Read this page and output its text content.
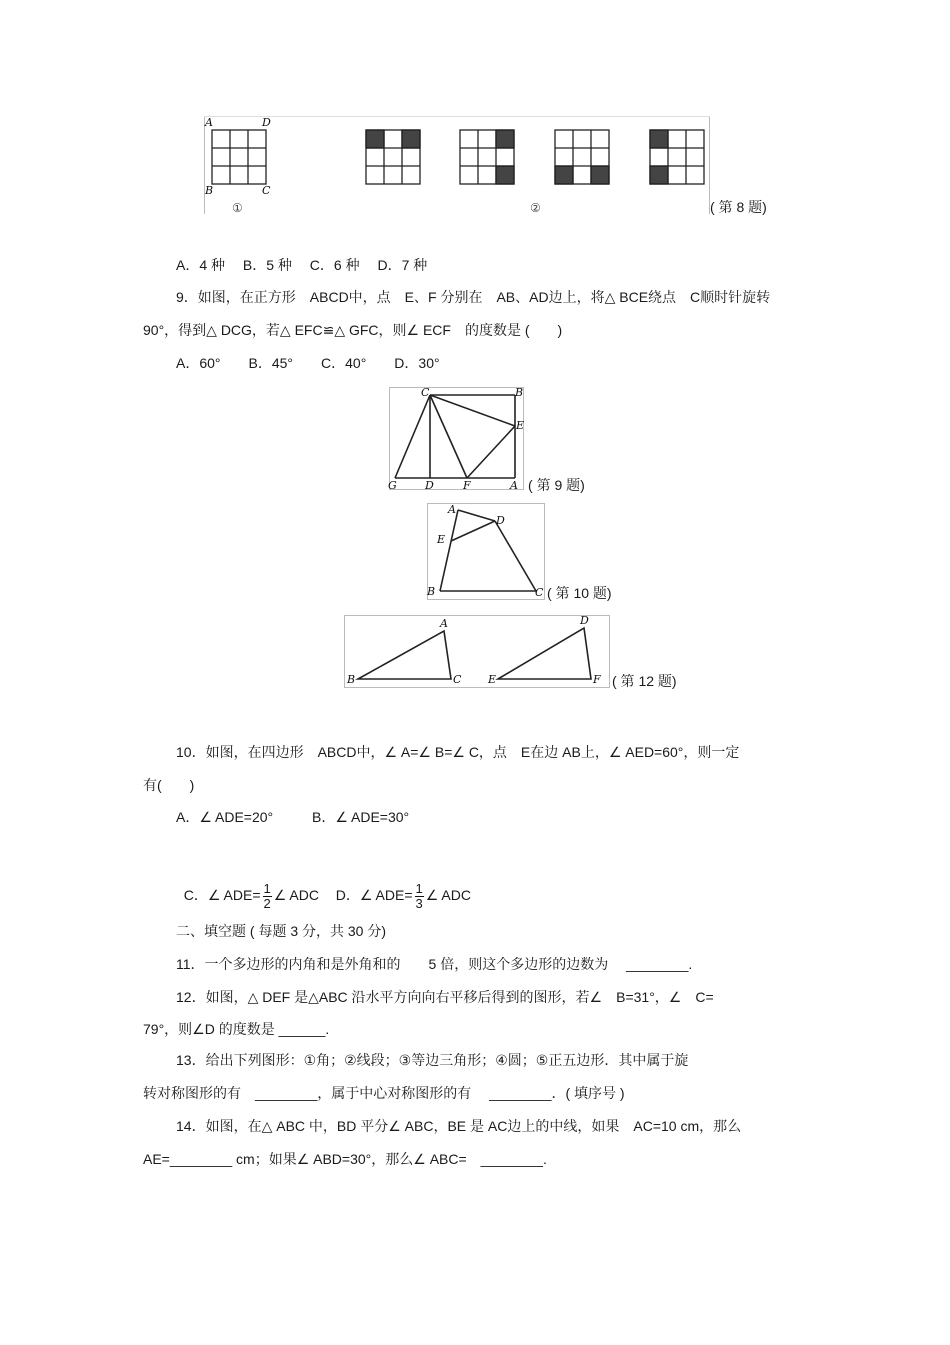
A	D
B	C
①	②	( 第 8 题)
A．4 种　 B．5 种　 C．6 种　 D．7 种
9．如图，在正方形　ABCD中，点　E、F 分别在　AB、AD边上，将△ BCE绕点　C顺时针旋转
90°，得到△ DCG，若△ EFC≌△ GFC，则∠ ECF　的度数是 (　　)
A．60°　　B．45°　　C．40°　　D．30°
C	B
E
G	D	F	A ( 第 9 题)
A
D
E
B	C ( 第 10 题)
A
B	C
D
E	F ( 第 12 题)
10．如图，在四边形　ABCD中，∠ A=∠ B=∠ C，点　E在边 AB上，∠ AED=60°，则一定
有(　　)
A．∠ ADE=20°	B．∠ ADE=30°

C．∠ $ADE= \frac{1}{2}$ ∠ ADC	D．∠ $ADE= \frac{1}{3}$ ∠ ADC

二、填空题 ( 每题 3 分，共 30 分)
11．一个多边形的内角和是外角和的　　5 倍，则这个多边形的边数为　 ________.
12．如图，△ DEF 是△ABC 沿水平方向向右平移后得到的图形，若∠　B=31°，∠　C=
79°，则∠D 的度数是 ______.
13．给出下列图形：①角；②线段；③等边三角形；④圆；⑤正五边形．其中属于旋
转对称图形的有　________，属于中心对称图形的有　 ________．( 填序号 )
14．如图，在△ ABC 中，BD 平分∠ ABC，BE 是 AC边上的中线，如果　AC=10 cm，那么
AE=________ cm；如果∠ ABD=30°，那么∠ ABC=　________.
